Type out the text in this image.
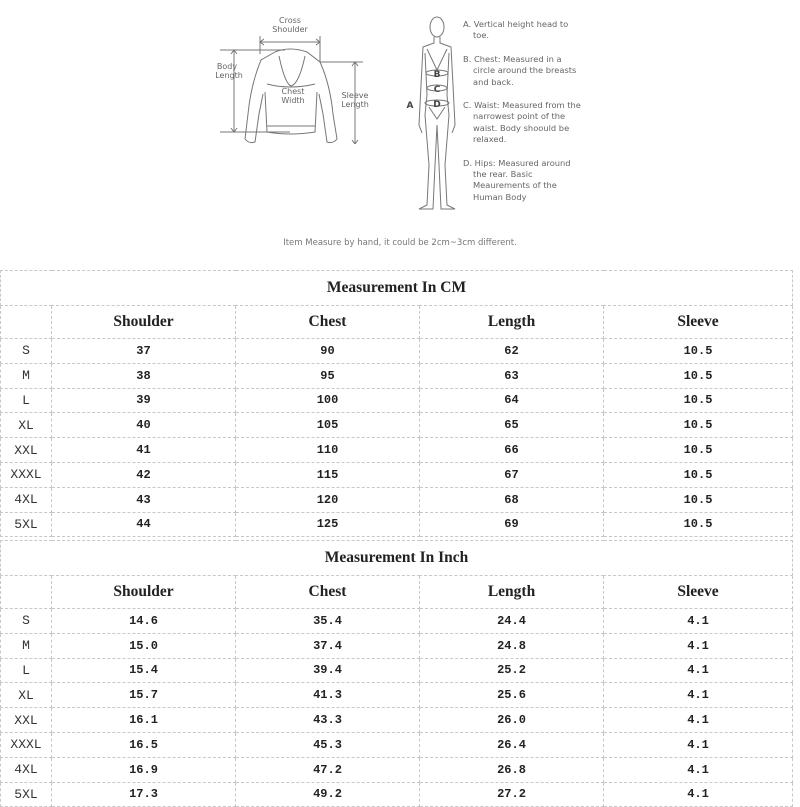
Cross
Shoulder
Body
Length
Chest
Width
Sleeve
Length
B
C
D
A
A. Vertical height head to toe.
B. Chest: Measured in a circle around the breasts and back.
C. Waist: Measured from the narrowest point of the waist. Body shoould be relaxed.
D. Hips: Measured around the rear. Basic Meaurements of the Human Body
Item Measure by hand, it could be 2cm~3cm different.
Measurement In CM				
	Shoulder	Chest	Length	Sleeve
S	37	90	62	10.5
M	38	95	63	10.5
L	39	100	64	10.5
XL	40	105	65	10.5
XXL	41	110	66	10.5
XXXL	42	115	67	10.5
4XL	43	120	68	10.5
5XL	44	125	69	10.5
Measurement In Inch				
	Shoulder	Chest	Length	Sleeve
S	14.6	35.4	24.4	4.1
M	15.0	37.4	24.8	4.1
L	15.4	39.4	25.2	4.1
XL	15.7	41.3	25.6	4.1
XXL	16.1	43.3	26.0	4.1
XXXL	16.5	45.3	26.4	4.1
4XL	16.9	47.2	26.8	4.1
5XL	17.3	49.2	27.2	4.1
